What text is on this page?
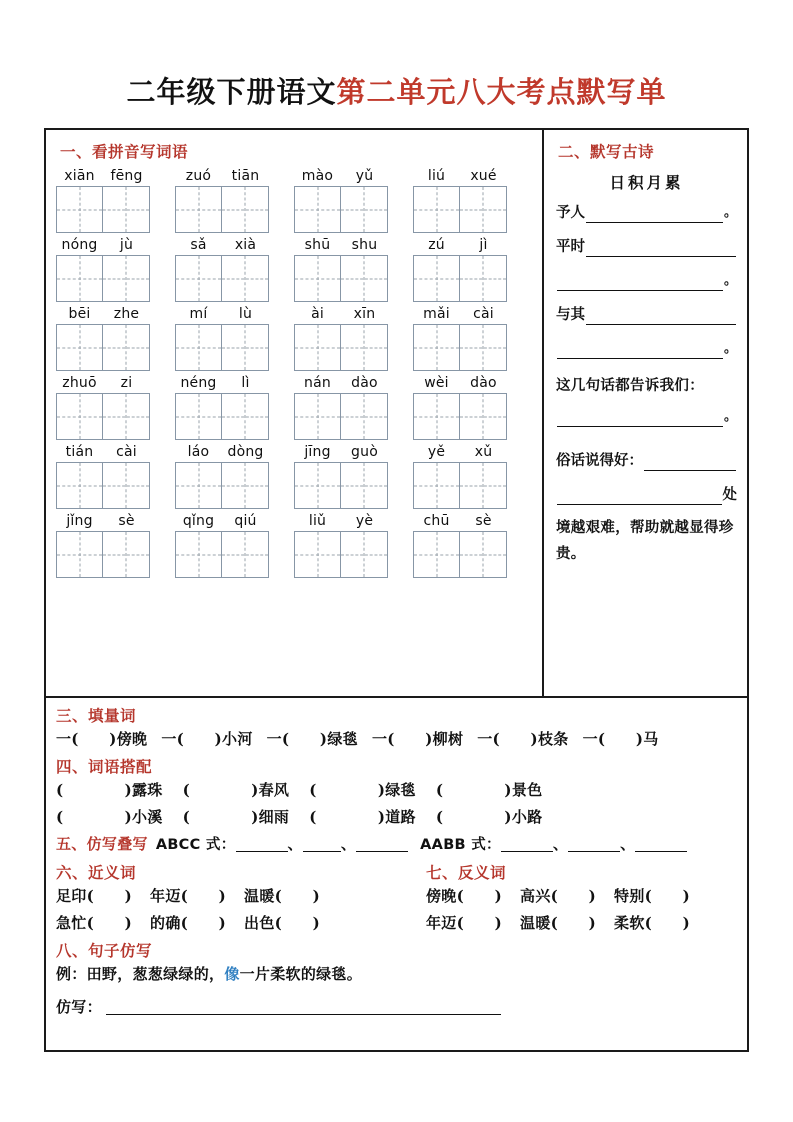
二年级下册语文第二单元八大考点默写单
一、看拼音写词语
xiān	fēng	zuó	tiān	mào	yǔ	liú	xué
nóng	jù	sǎ	xià	shū	shu	zú	jì
bēi	zhe	mí	lù	ài	xīn	mǎi	cài
zhuō	zi	néng	lì	nán	dào	wèi	dào
tián	cài	láo	dòng	jīng	guò	yě	xǔ
jǐng	sè	qǐng	qiú	liǔ	yè	chū	sè
二、默写古诗
日积月累
予人	。
平时
。
与其
。
这几句话都告诉我们：
。
俗话说得好：
处
境越艰难，帮助就越显得珍贵。
三、填量词
一(　　)傍晚 一(　　)小河 一(　　)绿毯 一(　　)柳树 一(　　)枝条 一(　　)马
四、词语搭配
(　　　　)露珠 (　　　　)春风 (　　　　)绿毯 (　　　　)景色
(　　　　)小溪 (　　　　)细雨 (　　　　)道路 (　　　　)小路
五、仿写叠写 ABCC 式：	、	、	AABB 式：	、	、
六、近义词	七、反义词
足印(　　) 年迈(　　) 温暖(　　)	傍晚(　　) 高兴(　　) 特别(　　)
急忙(　　) 的确(　　) 出色(　　)	年迈(　　) 温暖(　　) 柔软(　　)
八、句子仿写
例：田野，葱葱绿绿的，像一片柔软的绿毯。
仿写：
